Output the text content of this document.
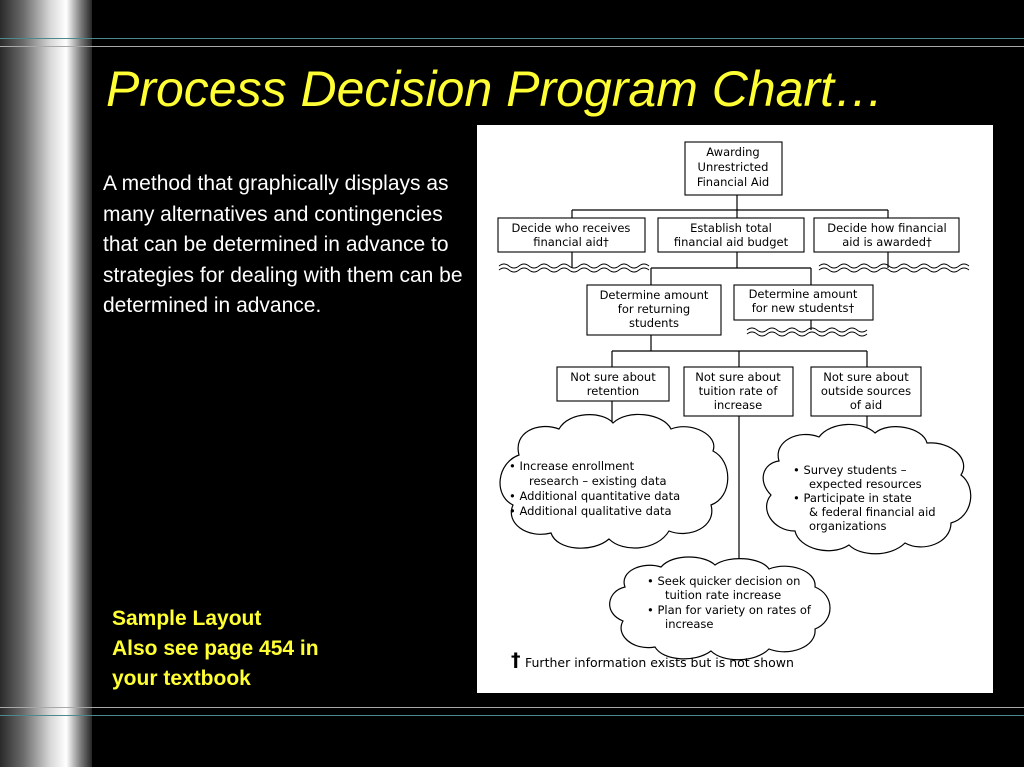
Process Decision Program Chart…

A method that graphically displays as many alternatives and contingencies that can be determined in advance to strategies for dealing with them can be determined in advance.

Sample Layout
Also see page 454 in
your textbook
Awarding
Unrestricted
Financial Aid
Decide who receives
financial aid†
Establish total
financial aid budget
Decide how financial
aid is awarded†
Determine amount
for returning
students
Determine amount
for new students†
Not sure about
retention
Not sure about
tuition rate of
increase
Not sure about
outside sources
of aid
• Increase enrollment
research – existing data
• Additional quantitative data
• Additional qualitative data
• Survey students –
expected resources
• Participate in state
& federal financial aid
organizations
• Seek quicker decision on
tuition rate increase
• Plan for variety on rates of
increase
† Further information exists but is not shown
